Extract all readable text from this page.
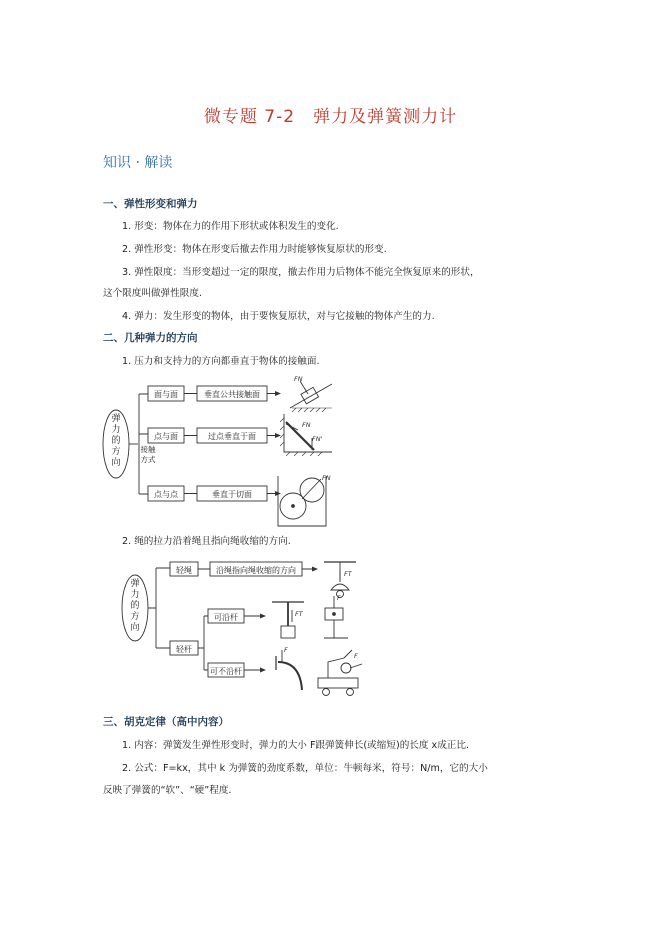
微专题 7-2　弹力及弹簧测力计
知识 · 解读
一、弹性形变和弹力
1. 形变：物体在力的作用下形状或体积发生的变化.
2. 弹性形变：物体在形变后撤去作用力时能够恢复原状的形变.
3. 弹性限度：当形变超过一定的限度，撤去作用力后物体不能完全恢复原来的形状，
这个限度叫做弹性限度.
4. 弹力：发生形变的物体，由于要恢复原状，对与它接触的物体产生的力.
二、几种弹力的方向
1. 压力和支持力的方向都垂直于物体的接触面.
弹
力
的
方
向
接触
方式
面与面
点与面
点与点
垂直公共接触面
过点垂直于面
垂直于切面
FN
FN
FN'
FN
2. 绳的拉力沿着绳且指向绳收缩的方向.
弹
力
的
方
向
轻绳
轻杆
沿绳指向绳收缩的方向
可沿杆
可不沿杆
FT
FT
F
F
F
三、胡克定律（高中内容）
1. 内容：弹簧发生弹性形变时，弹力的大小 F跟弹簧伸长(或缩短)的长度 x成正比.
2. 公式：F=kx，其中 k 为弹簧的劲度系数，单位：牛顿每米，符号：N/m，它的大小
反映了弹簧的“软”、“硬”程度.
